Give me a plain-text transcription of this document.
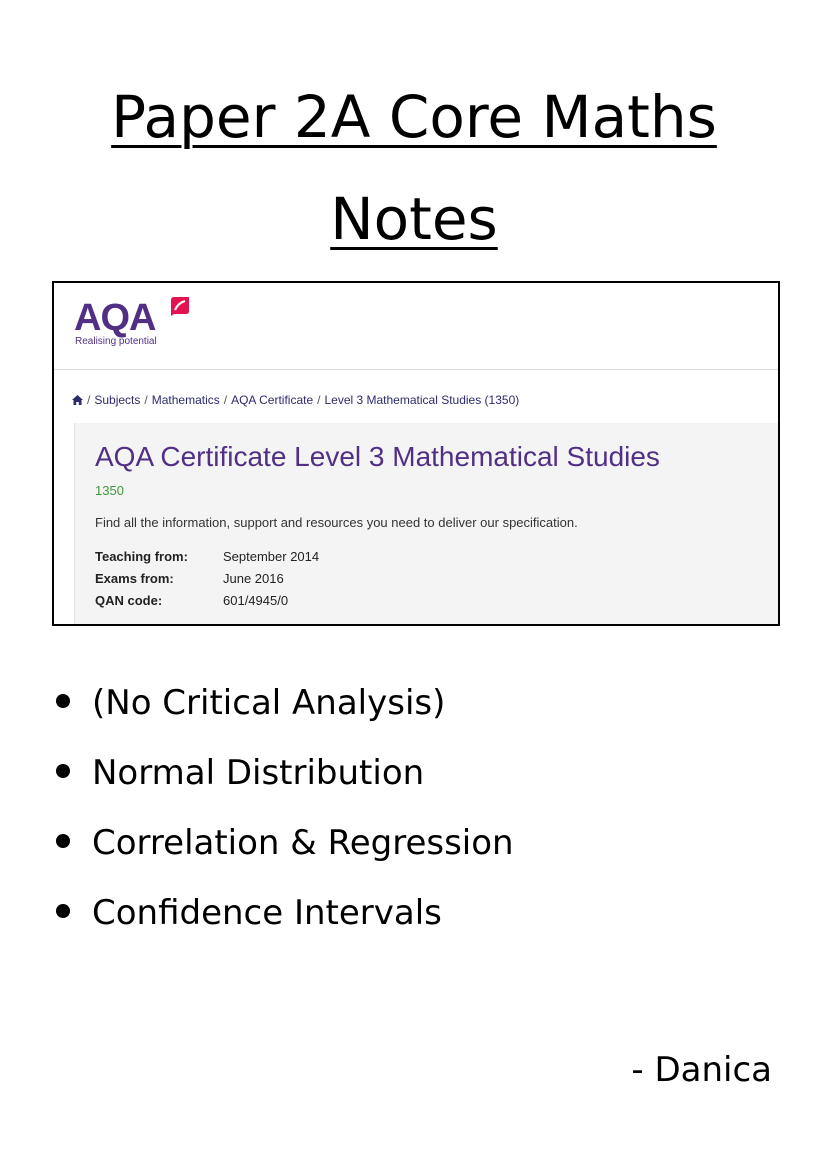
Paper 2A Core Maths
Notes
AQA
Realising potential
/ Subjects / Mathematics / AQA Certificate / Level 3 Mathematical Studies (1350)
AQA Certificate Level 3 Mathematical Studies
1350
Find all the information, support and resources you need to deliver our specification.
Teaching from:	September 2014
Exams from:	June 2016
QAN code:	601/4945/0
(No Critical Analysis)
Normal Distribution
Correlation & Regression
Confidence Intervals
- Danica
